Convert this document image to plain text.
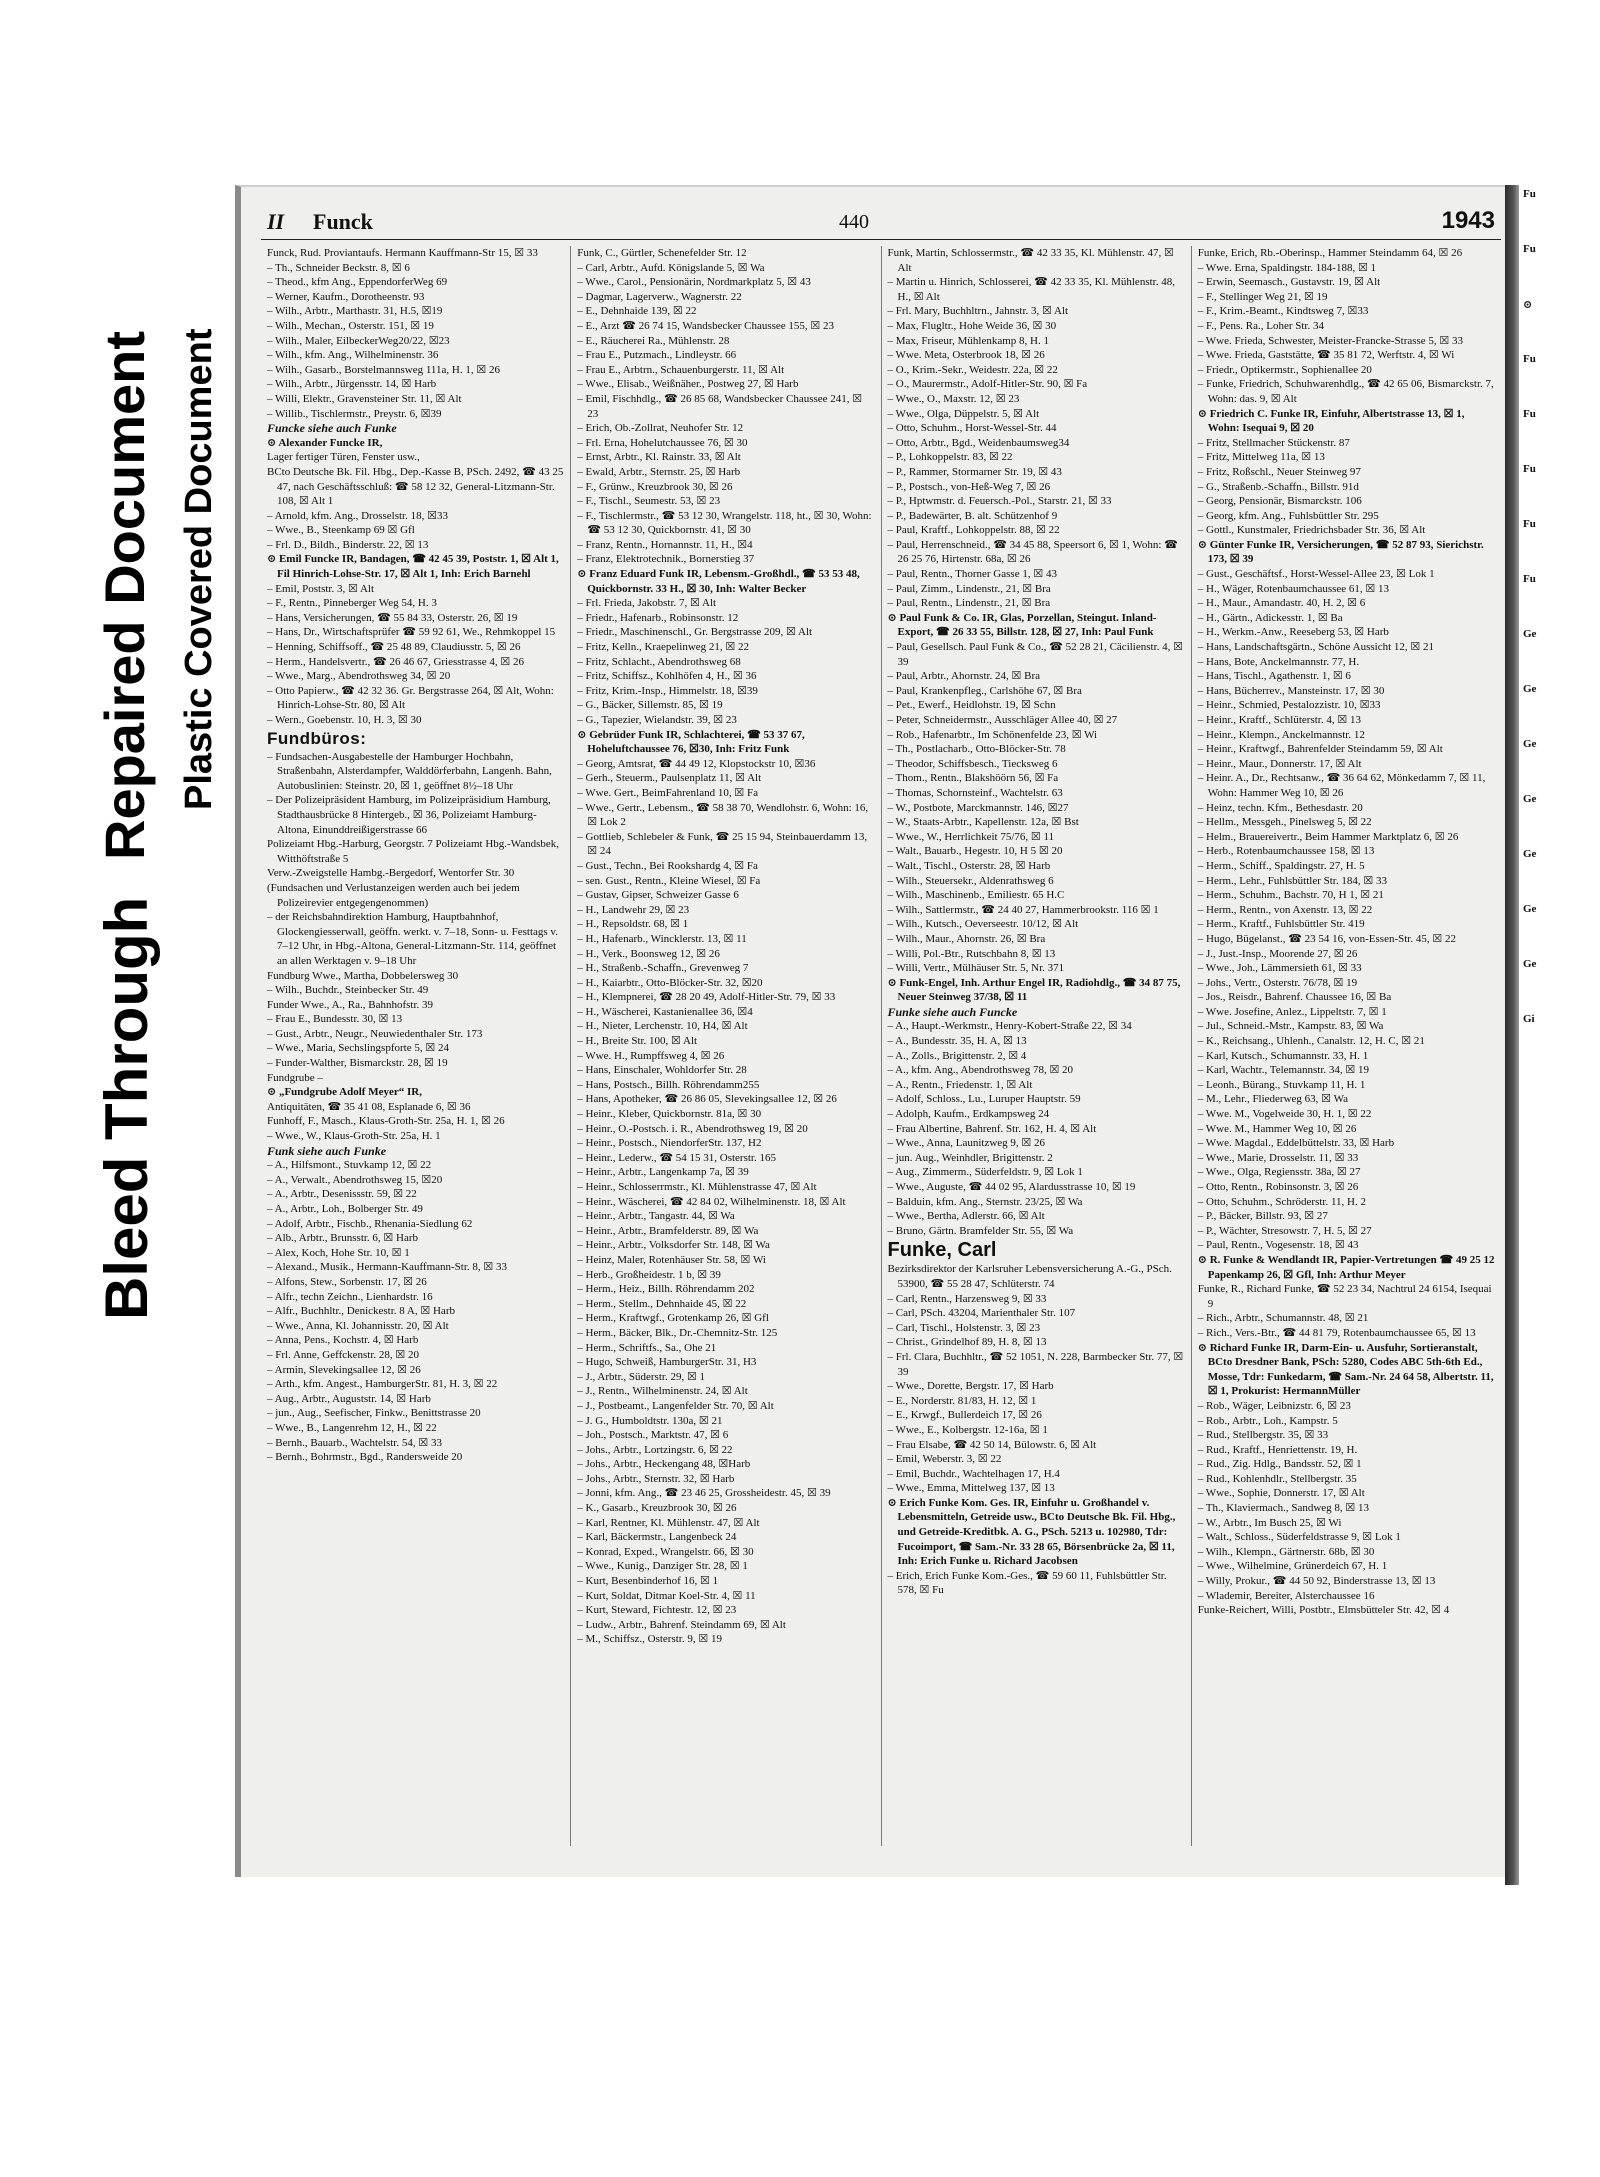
Bleed Through
Repaired Document Plastic Covered Document
II Funck	440	1943
Funck, Rud. Proviantaufs. Hermann Kauffmann-Str 15, ☒ 33
– Th., Schneider Beckstr. 8, ☒ 6
– Theod., kfm Ang., EppendorferWeg 69
– Werner, Kaufm., Dorotheenstr. 93
– Wilh., Arbtr., Marthastr. 31, H.5, ☒19
– Wilh., Mechan., Osterstr. 151, ☒ 19
– Wilh., Maler, EilbeckerWeg20/22, ☒23
– Wilh., kfm. Ang., Wilhelminenstr. 36
– Wilh., Gasarb., Borstelmannsweg 111a, H. 1, ☒ 26
– Wilh., Arbtr., Jürgensstr. 14, ☒ Harb
– Willi, Elektr., Gravensteiner Str. 11, ☒ Alt
– Willib., Tischlermstr., Preystr. 6, ☒39
Funcke siehe auch Funke
⊙ Alexander Funcke IR,
Lager fertiger Türen, Fenster usw.,
BCto Deutsche Bk. Fil. Hbg., Dep.-Kasse B, PSch. 2492, ☎ 43 25 47, nach Geschäftsschluß: ☎ 58 12 32, General-Litzmann-Str. 108, ☒ Alt 1
– Arnold, kfm. Ang., Drosselstr. 18, ☒33
– Wwe., B., Steenkamp 69 ☒ Gfl
– Frl. D., Bildh., Binderstr. 22, ☒ 13
⊙ Emil Funcke IR, Bandagen, ☎ 42 45 39, Poststr. 1, ☒ Alt 1, Fil Hinrich-Lohse-Str. 17, ☒ Alt 1, Inh: Erich Barnehl
– Emil, Poststr. 3, ☒ Alt
– F., Rentn., Pinneberger Weg 54, H. 3
– Hans, Versicherungen, ☎ 55 84 33, Osterstr. 26, ☒ 19
– Hans, Dr., Wirtschaftsprüfer ☎ 59 92 61, We., Rehmkoppel 15
– Henning, Schiffsoff., ☎ 25 48 89, Claudiusstr. 5, ☒ 26
– Herm., Handelsvertr., ☎ 26 46 67, Griesstrasse 4, ☒ 26
– Wwe., Marg., Abendrothsweg 34, ☒ 20
– Otto Papierw., ☎ 42 32 36. Gr. Bergstrasse 264, ☒ Alt, Wohn: Hinrich-Lohse-Str. 80, ☒ Alt
– Wern., Goebenstr. 10, H. 3, ☒ 30
Fundbüros:
– Fundsachen-Ausgabestelle der Hamburger Hochbahn, Straßenbahn, Alsterdampfer, Walddörferbahn, Langenh. Bahn, Autobuslinien: Steinstr. 20, ☒ 1, geöffnet 8½–18 Uhr
– Der Polizeipräsident Hamburg, im Polizeipräsidium Hamburg, Stadthausbrücke 8 Hintergeb., ☒ 36, Polizeiamt Hamburg-Altona, Einunddreißigerstrasse 66
Polizeiamt Hbg.-Harburg, Georgstr. 7 Polizeiamt Hbg.-Wandsbek, Witthöftstraße 5
Verw.-Zweigstelle Hambg.-Bergedorf, Wentorfer Str. 30
(Fundsachen und Verlustanzeigen werden auch bei jedem Polizeirevier entgegengenommen)
– der Reichsbahndirektion Hamburg, Hauptbahnhof, Glockengiesserwall, geöffn. werkt. v. 7–18, Sonn- u. Festtags v. 7–12 Uhr, in Hbg.-Altona, General-Litzmann-Str. 114, geöffnet an allen Werktagen v. 9–18 Uhr
Fundburg Wwe., Martha, Dobbelersweg 30
– Wilh., Buchdr., Steinbecker Str. 49
Funder Wwe., A., Ra., Bahnhofstr. 39
– Frau E., Bundesstr. 30, ☒ 13
– Gust., Arbtr., Neugr., Neuwiedenthaler Str. 173
– Wwe., Maria, Sechslingspforte 5, ☒ 24
– Funder-Walther, Bismarckstr. 28, ☒ 19
Fundgrube –
⊙ „Fundgrube Adolf Meyer“ IR,
Antiquitäten, ☎ 35 41 08, Esplanade 6, ☒ 36
Funhoff, F., Masch., Klaus-Groth-Str. 25a, H. 1, ☒ 26
– Wwe., W., Klaus-Groth-Str. 25a, H. 1
Funk siehe auch Funke
– A., Hilfsmont., Stuvkamp 12, ☒ 22
– A., Verwalt., Abendrothsweg 15, ☒20
– A., Arbtr., Desenissstr. 59, ☒ 22
– A., Arbtr., Loh., Bolberger Str. 49
– Adolf, Arbtr., Fischb., Rhenania-Siedlung 62
– Alb., Arbtr., Brunsstr. 6, ☒ Harb
– Alex, Koch, Hohe Str. 10, ☒ 1
– Alexand., Musik., Hermann-Kauffmann-Str. 8, ☒ 33
– Alfons, Stew., Sorbenstr. 17, ☒ 26
– Alfr., techn Zeichn., Lienhardstr. 16
– Alfr., Buchhltr., Denickestr. 8 A, ☒ Harb
– Wwe., Anna, Kl. Johannisstr. 20, ☒ Alt
– Anna, Pens., Kochstr. 4, ☒ Harb
– Frl. Anne, Geffckenstr. 28, ☒ 20
– Armin, Slevekingsallee 12, ☒ 26
– Arth., kfm. Angest., HamburgerStr. 81, H. 3, ☒ 22
– Aug., Arbtr., Auguststr. 14, ☒ Harb
– jun., Aug., Seefischer, Finkw., Benittstrasse 20
– Wwe., B., Langenrehm 12, H., ☒ 22
– Bernh., Bauarb., Wachtelstr. 54, ☒ 33
– Bernh., Bohrmstr., Bgd., Randersweide 20
Funk, C., Gürtler, Schenefelder Str. 12
– Carl, Arbtr., Aufd. Königslande 5, ☒ Wa
– Wwe., Carol., Pensionärin, Nordmarkplatz 5, ☒ 43
– Dagmar, Lagerverw., Wagnerstr. 22
– E., Dehnhaide 139, ☒ 22
– E., Arzt ☎ 26 74 15, Wandsbecker Chaussee 155, ☒ 23
– E., Räucherei Ra., Mühlenstr. 28
– Frau E., Putzmach., Lindleystr. 66
– Frau E., Arbtrn., Schauenburgerstr. 11, ☒ Alt
– Wwe., Elisab., Weißnäher., Postweg 27, ☒ Harb
– Emil, Fischhdlg., ☎ 26 85 68, Wandsbecker Chaussee 241, ☒ 23
– Erich, Ob.-Zollrat, Neuhofer Str. 12
– Frl. Erna, Hohelutchaussee 76, ☒ 30
– Ernst, Arbtr., Kl. Rainstr. 33, ☒ Alt
– Ewald, Arbtr., Sternstr. 25, ☒ Harb
– F., Grünw., Kreuzbrook 30, ☒ 26
– F., Tischl., Seumestr. 53, ☒ 23
– F., Tischlermstr., ☎ 53 12 30, Wrangelstr. 118, ht., ☒ 30, Wohn: ☎ 53 12 30, Quickbornstr. 41, ☒ 30
– Franz, Rentn., Hornannstr. 11, H., ☒4
– Franz, Elektrotechnik., Bornerstieg 37
⊙ Franz Eduard Funk IR, Lebensm.-Großhdl., ☎ 53 53 48, Quickbornstr. 33 H., ☒ 30, Inh: Walter Becker
– Frl. Frieda, Jakobstr. 7, ☒ Alt
– Friedr., Hafenarb., Robinsonstr. 12
– Friedr., Maschinenschl., Gr. Bergstrasse 209, ☒ Alt
– Fritz, Kelln., Kraepelinweg 21, ☒ 22
– Fritz, Schlacht., Abendrothsweg 68
– Fritz, Schiffsz., Kohlhöfen 4, H., ☒ 36
– Fritz, Krim.-Insp., Himmelstr. 18, ☒39
– G., Bäcker, Sillemstr. 85, ☒ 19
– G., Tapezier, Wielandstr. 39, ☒ 23
⊙ Gebrüder Funk IR, Schlachterei, ☎ 53 37 67, Hoheluftchaussee 76, ☒30, Inh: Fritz Funk
– Georg, Amtsrat, ☎ 44 49 12, Klopstockstr 10, ☒36
– Gerh., Steuerm., Paulsenplatz 11, ☒ Alt
– Wwe. Gert., BeimFahrenland 10, ☒ Fa
– Wwe., Gertr., Lebensm., ☎ 58 38 70, Wendlohstr. 6, Wohn: 16, ☒ Lok 2
– Gottlieb, Schlebeler & Funk, ☎ 25 15 94, Steinbauerdamm 13, ☒ 24
– Gust., Techn., Bei Rookshardg 4, ☒ Fa
– sen. Gust., Rentn., Kleine Wiesel, ☒ Fa
– Gustav, Gipser, Schweizer Gasse 6
– H., Landwehr 29, ☒ 23
– H., Repsoldstr. 68, ☒ 1
– H., Hafenarb., Wincklerstr. 13, ☒ 11
– H., Verk., Boonsweg 12, ☒ 26
– H., Straßenb.-Schaffn., Grevenweg 7
– H., Kaiarbtr., Otto-Blöcker-Str. 32, ☒20
– H., Klempnerei, ☎ 28 20 49, Adolf-Hitler-Str. 79, ☒ 33
– H., Wäscherei, Kastanienallee 36, ☒4
– H., Nieter, Lerchenstr. 10, H4, ☒ Alt
– H., Breite Str. 100, ☒ Alt
– Wwe. H., Rumpffsweg 4, ☒ 26
– Hans, Einschaler, Wohldorfer Str. 28
– Hans, Postsch., Billh. Röhrendamm255
– Hans, Apotheker, ☎ 26 86 05, Slevekingsallee 12, ☒ 26
– Heinr., Kleber, Quickbornstr. 81a, ☒ 30
– Heinr., O.-Postsch. i. R., Abendrothsweg 19, ☒ 20
– Heinr., Postsch., NiendorferStr. 137, H2
– Heinr., Lederw., ☎ 54 15 31, Osterstr. 165
– Heinr., Arbtr., Langenkamp 7a, ☒ 39
– Heinr., Schlosserrmstr., Kl. Mühlenstrasse 47, ☒ Alt
– Heinr., Wäscherei, ☎ 42 84 02, Wilhelminenstr. 18, ☒ Alt
– Heinr., Arbtr., Tangastr. 44, ☒ Wa
– Heinr., Arbtr., Bramfelderstr. 89, ☒ Wa
– Heinr., Arbtr., Volksdorfer Str. 148, ☒ Wa
– Heinz, Maler, Rotenhäuser Str. 58, ☒ Wi
– Herb., Großheidestr. 1 b, ☒ 39
– Herm., Heiz., Billh. Röhrendamm 202
– Herm., Stellm., Dehnhaide 45, ☒ 22
– Herm., Kraftwgf., Grotenkamp 26, ☒ Gfl
– Herm., Bäcker, Blk., Dr.-Chemnitz-Str. 125
– Herm., Schriftfs., Sa., Ohe 21
– Hugo, Schweiß, HamburgerStr. 31, H3
– J., Arbtr., Süderstr. 29, ☒ 1
– J., Rentn., Wilhelminenstr. 24, ☒ Alt
– J., Postbeamt., Langenfelder Str. 70, ☒ Alt
– J. G., Humboldtstr. 130a, ☒ 21
– Joh., Postsch., Marktstr. 47, ☒ 6
– Johs., Arbtr., Lortzingstr. 6, ☒ 22
– Johs., Arbtr., Heckengang 48, ☒Harb
– Johs., Arbtr., Sternstr. 32, ☒ Harb
– Jonni, kfm. Ang., ☎ 23 46 25, Grossheidestr. 45, ☒ 39
– K., Gasarb., Kreuzbrook 30, ☒ 26
– Karl, Rentner, Kl. Mühlenstr. 47, ☒ Alt
– Karl, Bäckermstr., Langenbeck 24
– Konrad, Exped., Wrangelstr. 66, ☒ 30
– Wwe., Kunig., Danziger Str. 28, ☒ 1
– Kurt, Besenbinderhof 16, ☒ 1
– Kurt, Soldat, Ditmar Koel-Str. 4, ☒ 11
– Kurt, Steward, Fichtestr. 12, ☒ 23
– Ludw., Arbtr., Bahrenf. Steindamm 69, ☒ Alt
– M., Schiffsz., Osterstr. 9, ☒ 19
Funk, Martin, Schlossermstr., ☎ 42 33 35, Kl. Mühlenstr. 47, ☒ Alt
– Martin u. Hinrich, Schlosserei, ☎ 42 33 35, Kl. Mühlenstr. 48, H., ☒ Alt
– Frl. Mary, Buchhltrn., Jahnstr. 3, ☒ Alt
– Max, Flugltr., Hohe Weide 36, ☒ 30
– Max, Friseur, Mühlenkamp 8, H. 1
– Wwe. Meta, Osterbrook 18, ☒ 26
– O., Krim.-Sekr., Weidestr. 22a, ☒ 22
– O., Maurermstr., Adolf-Hitler-Str. 90, ☒ Fa
– Wwe., O., Maxstr. 12, ☒ 23
– Wwe., Olga, Düppelstr. 5, ☒ Alt
– Otto, Schuhm., Horst-Wessel-Str. 44
– Otto, Arbtr., Bgd., Weidenbaumsweg34
– P., Lohkoppelstr. 83, ☒ 22
– P., Rammer, Stormarner Str. 19, ☒ 43
– P., Postsch., von-Heß-Weg 7, ☒ 26
– P., Hptwmstr. d. Feuersch.-Pol., Starstr. 21, ☒ 33
– P., Badewärter, B. alt. Schützenhof 9
– Paul, Kraftf., Lohkoppelstr. 88, ☒ 22
– Paul, Herrenschneid., ☎ 34 45 88, Speersort 6, ☒ 1, Wohn: ☎ 26 25 76, Hirtenstr. 68a, ☒ 26
– Paul, Rentn., Thorner Gasse 1, ☒ 43
– Paul, Zimm., Lindenstr., 21, ☒ Bra
– Paul, Rentn., Lindenstr., 21, ☒ Bra
⊙ Paul Funk & Co. IR, Glas, Porzellan, Steingut. Inland-Export, ☎ 26 33 55, Billstr. 128, ☒ 27, Inh: Paul Funk
– Paul, Gesellsch. Paul Funk & Co., ☎ 52 28 21, Cäcilienstr. 4, ☒ 39
– Paul, Arbtr., Ahornstr. 24, ☒ Bra
– Paul, Krankenpfleg., Carlshöhe 67, ☒ Bra
– Pet., Ewerf., Heidlohstr. 19, ☒ Schn
– Peter, Schneidermstr., Ausschläger Allee 40, ☒ 27
– Rob., Hafenarbtr., Im Schönenfelde 23, ☒ Wi
– Th., Postlacharb., Otto-Blöcker-Str. 78
– Theodor, Schiffsbesch., Tiecksweg 6
– Thom., Rentn., Blakshöörn 56, ☒ Fa
– Thomas, Schornsteinf., Wachtelstr. 63
– W., Postbote, Marckmannstr. 146, ☒27
– W., Staats-Arbtr., Kapellenstr. 12a, ☒ Bst
– Wwe., W., Herrlichkeit 75/76, ☒ 11
– Walt., Bauarb., Hegestr. 10, H 5 ☒ 20
– Walt., Tischl., Osterstr. 28, ☒ Harb
– Wilh., Steuersekr., Aldenrathsweg 6
– Wilh., Maschinenb., Emiliestr. 65 H.C
– Wilh., Sattlermstr., ☎ 24 40 27, Hammerbrookstr. 116 ☒ 1
– Wilh., Kutsch., Oeverseestr. 10/12, ☒ Alt
– Wilh., Maur., Ahornstr. 26, ☒ Bra
– Willi, Pol.-Btr., Rutschbahn 8, ☒ 13
– Willi, Vertr., Mülhäuser Str. 5, Nr. 371
⊙ Funk-Engel, Inh. Arthur Engel IR, Radiohdlg., ☎ 34 87 75, Neuer Steinweg 37/38, ☒ 11
Funke siehe auch Funcke
– A., Haupt.-Werkmstr., Henry-Kobert-Straße 22, ☒ 34
– A., Bundesstr. 35, H. A, ☒ 13
– A., Zolls., Brigittenstr. 2, ☒ 4
– A., kfm. Ang., Abendrothsweg 78, ☒ 20
– A., Rentn., Friedenstr. 1, ☒ Alt
– Adolf, Schloss., Lu., Luruper Hauptstr. 59
– Adolph, Kaufm., Erdkampsweg 24
– Frau Albertine, Bahrenf. Str. 162, H. 4, ☒ Alt
– Wwe., Anna, Launitzweg 9, ☒ 26
– jun. Aug., Weinhdler, Brigittenstr. 2
– Aug., Zimmerm., Süderfeldstr. 9, ☒ Lok 1
– Wwe., Auguste, ☎ 44 02 95, Alardusstrasse 10, ☒ 19
– Balduin, kfm. Ang., Sternstr. 23/25, ☒ Wa
– Wwe., Bertha, Adlerstr. 66, ☒ Alt
– Bruno, Gärtn. Bramfelder Str. 55, ☒ Wa
Funke, Carl
Bezirksdirektor der Karlsruher Lebensversicherung A.-G., PSch. 53900, ☎ 55 28 47, Schlüterstr. 74
– Carl, Rentn., Harzensweg 9, ☒ 33
– Carl, PSch. 43204, Marienthaler Str. 107
– Carl, Tischl., Holstenstr. 3, ☒ 23
– Christ., Grindelhof 89, H. 8, ☒ 13
– Frl. Clara, Buchhltr., ☎ 52 1051, N. 228, Barmbecker Str. 77, ☒ 39
– Wwe., Dorette, Bergstr. 17, ☒ Harb
– E., Norderstr. 81/83, H. 12, ☒ 1
– E., Krwgf., Bullerdeich 17, ☒ 26
– Wwe., E., Kolbergstr. 12-16a, ☒ 1
– Frau Elsabe, ☎ 42 50 14, Bülowstr. 6, ☒ Alt
– Emil, Weberstr. 3, ☒ 22
– Emil, Buchdr., Wachtelhagen 17, H.4
– Wwe., Emma, Mittelweg 137, ☒ 13
⊙ Erich Funke Kom. Ges. IR, Einfuhr u. Großhandel v. Lebensmitteln, Getreide usw., BCto Deutsche Bk. Fil. Hbg., und Getreide-Kreditbk. A. G., PSch. 5213 u. 102980, Tdr: Fucoimport, ☎ Sam.-Nr. 33 28 65, Börsenbrücke 2a, ☒ 11, Inh: Erich Funke u. Richard Jacobsen
– Erich, Erich Funke Kom.-Ges., ☎ 59 60 11, Fuhlsbüttler Str. 578, ☒ Fu
Funke, Erich, Rb.-Oberinsp., Hammer Steindamm 64, ☒ 26
– Wwe. Erna, Spaldingstr. 184-188, ☒ 1
– Erwin, Seemasch., Gustavstr. 19, ☒ Alt
– F., Stellinger Weg 21, ☒ 19
– F., Krim.-Beamt., Kindtsweg 7, ☒33
– F., Pens. Ra., Loher Str. 34
– Wwe. Frieda, Schwester, Meister-Francke-Strasse 5, ☒ 33
– Wwe. Frieda, Gaststätte, ☎ 35 81 72, Werftstr. 4, ☒ Wi
– Friedr., Optikermstr., Sophienallee 20
– Funke, Friedrich, Schuhwarenhdlg., ☎ 42 65 06, Bismarckstr. 7, Wohn: das. 9, ☒ Alt
⊙ Friedrich C. Funke IR, Einfuhr, Albertstrasse 13, ☒ 1, Wohn: Isequai 9, ☒ 20
– Fritz, Stellmacher Stückenstr. 87
– Fritz, Mittelweg 11a, ☒ 13
– Fritz, Roßschl., Neuer Steinweg 97
– G., Straßenb.-Schaffn., Billstr. 91d
– Georg, Pensionär, Bismarckstr. 106
– Georg, kfm. Ang., Fuhlsbüttler Str. 295
– Gottl., Kunstmaler, Friedrichsbader Str. 36, ☒ Alt
⊙ Günter Funke IR, Versicherungen, ☎ 52 87 93, Sierichstr. 173, ☒ 39
– Gust., Geschäftsf., Horst-Wessel-Allee 23, ☒ Lok 1
– H., Wäger, Rotenbaumchaussee 61, ☒ 13
– H., Maur., Amandastr. 40, H. 2, ☒ 6
– H., Gärtn., Adickesstr. 1, ☒ Ba
– H., Werkm.-Anw., Reeseberg 53, ☒ Harb
– Hans, Landschaftsgärtn., Schöne Aussicht 12, ☒ 21
– Hans, Bote, Anckelmannstr. 77, H.
– Hans, Tischl., Agathenstr. 1, ☒ 6
– Hans, Bücherrev., Mansteinstr. 17, ☒ 30
– Heinr., Schmied, Pestalozzistr. 10, ☒33
– Heinr., Kraftf., Schlüterstr. 4, ☒ 13
– Heinr., Klempn., Anckelmannstr. 12
– Heinr., Kraftwgf., Bahrenfelder Steindamm 59, ☒ Alt
– Heinr., Maur., Donnerstr. 17, ☒ Alt
– Heinr. A., Dr., Rechtsanw., ☎ 36 64 62, Mönkedamm 7, ☒ 11, Wohn: Hammer Weg 10, ☒ 26
– Heinz, techn. Kfm., Bethesdastr. 20
– Hellm., Messgeh., Pinelsweg 5, ☒ 22
– Helm., Brauereivertr., Beim Hammer Marktplatz 6, ☒ 26
– Herb., Rotenbaumchaussee 158, ☒ 13
– Herm., Schiff., Spaldingstr. 27, H. 5
– Herm., Lehr., Fuhlsbüttler Str. 184, ☒ 33
– Herm., Schuhm., Bachstr. 70, H 1, ☒ 21
– Herm., Rentn., von Axenstr. 13, ☒ 22
– Herm., Kraftf., Fuhlsbüttler Str. 419
– Hugo, Bügelanst., ☎ 23 54 16, von-Essen-Str. 45, ☒ 22
– J., Just.-Insp., Moorende 27, ☒ 26
– Wwe., Joh., Lämmersieth 61, ☒ 33
– Johs., Vertr., Osterstr. 76/78, ☒ 19
– Jos., Reisdr., Bahrenf. Chaussee 16, ☒ Ba
– Wwe. Josefine, Anlez., Lippeltstr. 7, ☒ 1
– Jul., Schneid.-Mstr., Kampstr. 83, ☒ Wa
– K., Reichsang., Uhlenh., Canalstr. 12, H. C, ☒ 21
– Karl, Kutsch., Schumannstr. 33, H. 1
– Karl, Wachtr., Telemannstr. 34, ☒ 19
– Leonh., Bürang., Stuvkamp 11, H. 1
– M., Lehr., Fliederweg 63, ☒ Wa
– Wwe. M., Vogelweide 30, H. 1, ☒ 22
– Wwe. M., Hammer Weg 10, ☒ 26
– Wwe. Magdal., Eddelbüttelstr. 33, ☒ Harb
– Wwe., Marie, Drosselstr. 11, ☒ 33
– Wwe., Olga, Regiensstr. 38a, ☒ 27
– Otto, Rentn., Robinsonstr. 3, ☒ 26
– Otto, Schuhm., Schröderstr. 11, H. 2
– P., Bäcker, Billstr. 93, ☒ 27
– P., Wächter, Stresowstr. 7, H. 5, ☒ 27
– Paul, Rentn., Vogesenstr. 18, ☒ 43
⊙ R. Funke & Wendlandt IR, Papier-Vertretungen ☎ 49 25 12 Papenkamp 26, ☒ Gfl, Inh: Arthur Meyer
Funke, R., Richard Funke, ☎ 52 23 34, Nachtrul 24 6154, Isequai 9
– Rich., Arbtr., Schumannstr. 48, ☒ 21
– Rich., Vers.-Btr., ☎ 44 81 79, Rotenbaumchaussee 65, ☒ 13
⊙ Richard Funke IR, Darm-Ein- u. Ausfuhr, Sortieranstalt, BCto Dresdner Bank, PSch: 5280, Codes ABC 5th-6th Ed., Mosse, Tdr: Funkedarm, ☎ Sam.-Nr. 24 64 58, Albertstr. 11, ☒ 1, Prokurist: HermannMüller
– Rob., Wäger, Leibnizstr. 6, ☒ 23
– Rob., Arbtr., Loh., Kampstr. 5
– Rud., Stellbergstr. 35, ☒ 33
– Rud., Kraftf., Henriettenstr. 19, H.
– Rud., Zig. Hdlg., Bandsstr. 52, ☒ 1
– Rud., Kohlenhdlr., Stellbergstr. 35
– Wwe., Sophie, Donnerstr. 17, ☒ Alt
– Th., Klaviermach., Sandweg 8, ☒ 13
– W., Arbtr., Im Busch 25, ☒ Wi
– Walt., Schloss., Süderfeldstrasse 9, ☒ Lok 1
– Wilh., Klempn., Gärtnerstr. 68b, ☒ 30
– Wwe., Wilhelmine, Grünerdeich 67, H. 1
– Willy, Prokur., ☎ 44 50 92, Binderstrasse 13, ☒ 13
– Wlademir, Bereiter, Alsterchaussee 16
Funke-Reichert, Willi, Postbtr., Elmsbütteler Str. 42, ☒ 4
Fu
Fu
⊙
Fu
Fu
Fu
Fu
Fu
Ge
Ge
Ge
Ge
Ge
Ge
Ge
Gi
